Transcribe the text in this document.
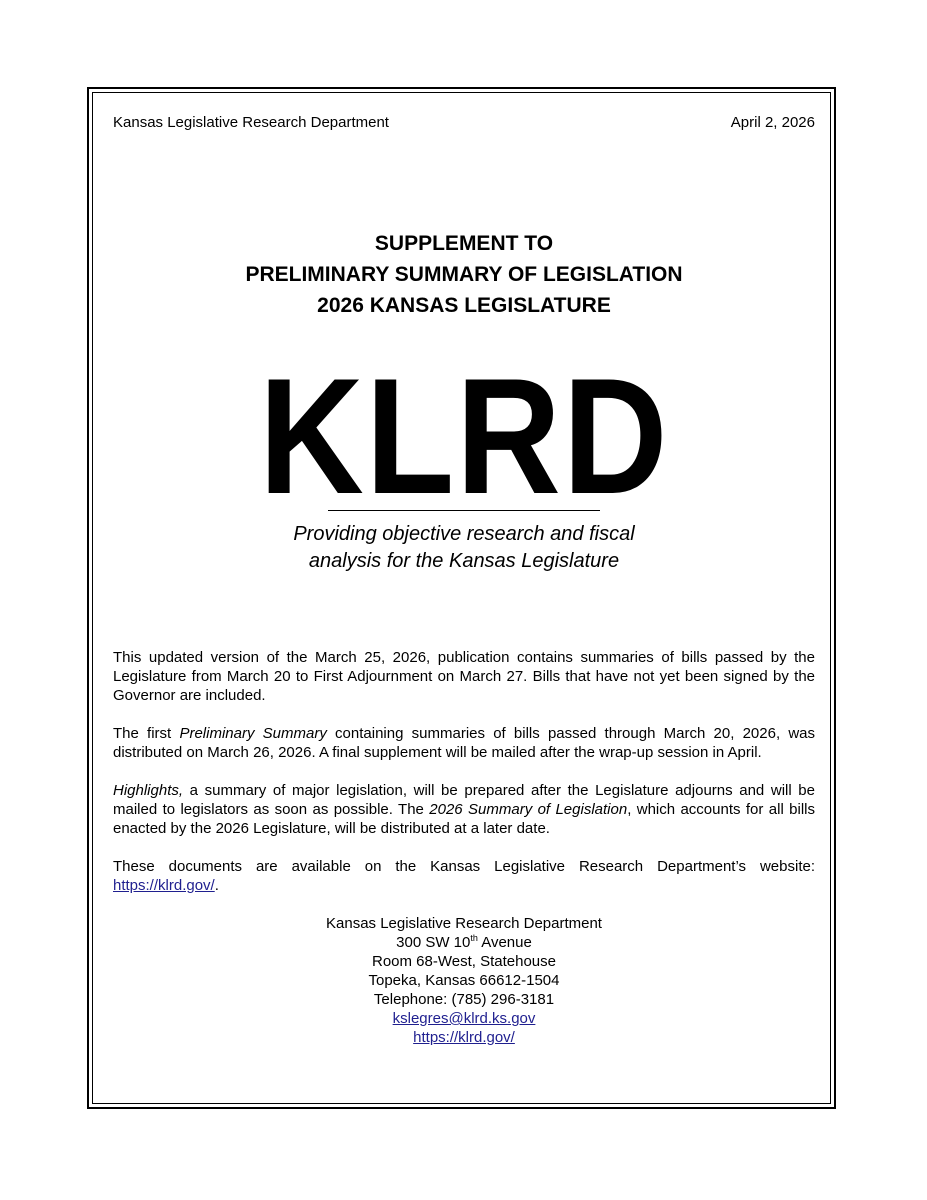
Kansas Legislative Research Department	April 2, 2026
SUPPLEMENT TO
PRELIMINARY SUMMARY OF LEGISLATION
2026 KANSAS LEGISLATURE
KLRD
Providing objective research and fiscal
analysis for the Kansas Legislature

This updated version of the March 25, 2026, publication contains summaries of bills passed by the Legislature from March 20 to First Adjournment on March 27. Bills that have not yet been signed by the Governor are included.

The first Preliminary Summary containing summaries of bills passed through March 20, 2026, was distributed on March 26, 2026. A final supplement will be mailed after the wrap-up session in April.

Highlights, a summary of major legislation, will be prepared after the Legislature adjourns and will be mailed to legislators as soon as possible. The 2026 Summary of Legislation, which accounts for all bills enacted by the 2026 Legislature, will be distributed at a later date.

These documents are available on the Kansas Legislative Research Department’s website: https://klrd.gov/.

Kansas Legislative Research Department
300 SW 10th Avenue
Room 68-West, Statehouse
Topeka, Kansas 66612-1504
Telephone: (785) 296-3181
kslegres@klrd.ks.gov
https://klrd.gov/
